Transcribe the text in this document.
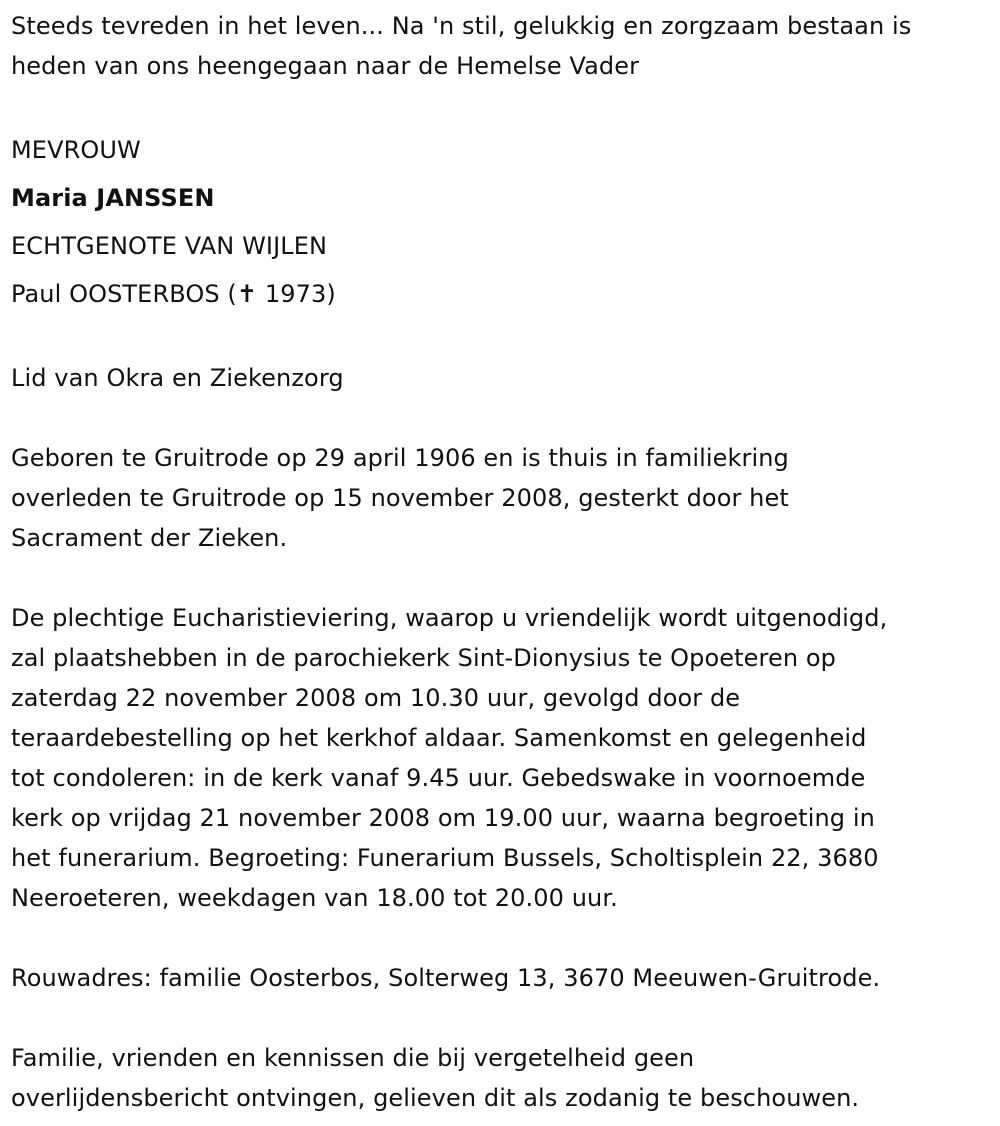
Steeds tevreden in het leven... Na 'n stil, gelukkig en zorgzaam bestaan is

heden van ons heengegaan naar de Hemelse Vader

MEVROUW

Maria JANSSEN

ECHTGENOTE VAN WIJLEN

Paul OOSTERBOS (✝ 1973)

Lid van Okra en Ziekenzorg

Geboren te Gruitrode op 29 april 1906 en is thuis in familiekring

overleden te Gruitrode op 15 november 2008, gesterkt door het

Sacrament der Zieken.

De plechtige Eucharistieviering, waarop u vriendelijk wordt uitgenodigd,

zal plaatshebben in de parochiekerk Sint-Dionysius te Opoeteren op

zaterdag 22 november 2008 om 10.30 uur, gevolgd door de

teraardebestelling op het kerkhof aldaar. Samenkomst en gelegenheid

tot condoleren: in de kerk vanaf 9.45 uur. Gebedswake in voornoemde

kerk op vrijdag 21 november 2008 om 19.00 uur, waarna begroeting in

het funerarium. Begroeting: Funerarium Bussels, Scholtisplein 22, 3680

Neeroeteren, weekdagen van 18.00 tot 20.00 uur.

Rouwadres: familie Oosterbos, Solterweg 13, 3670 Meeuwen-Gruitrode.

Familie, vrienden en kennissen die bij vergetelheid geen

overlijdensbericht ontvingen, gelieven dit als zodanig te beschouwen.
